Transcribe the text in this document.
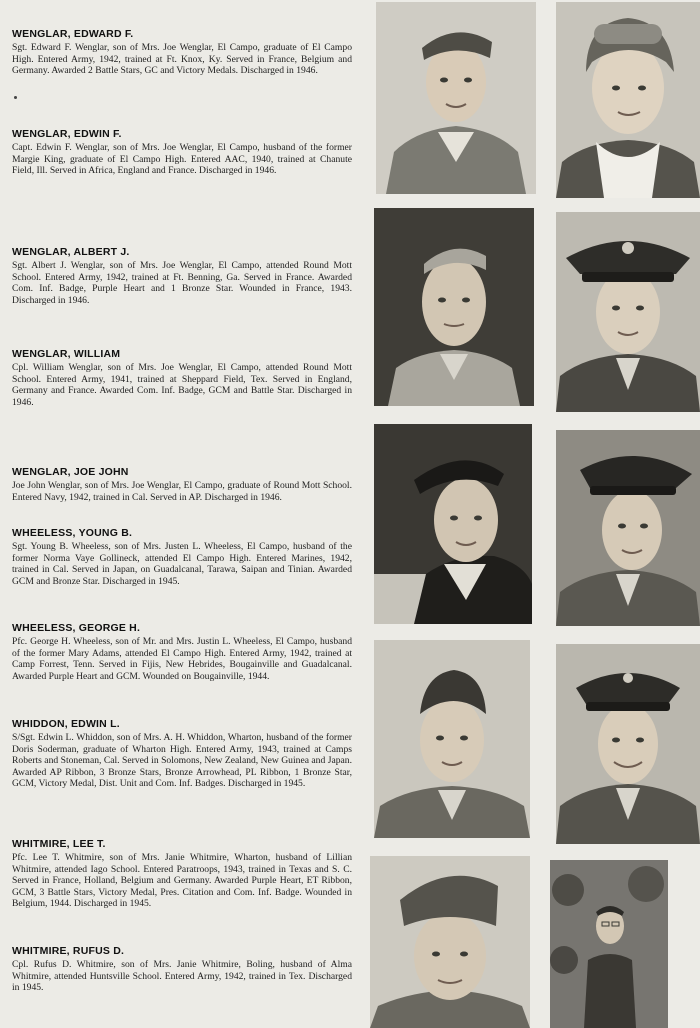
WENGLAR, EDWARD F.

Sgt. Edward F. Wenglar, son of Mrs. Joe Wenglar, El Campo, graduate of El Campo High. Entered Army, 1942, trained at Ft. Knox, Ky. Served in France, Belgium and Germany. Awarded 2 Battle Stars, GC and Victory Medals. Discharged in 1946.

WENGLAR, EDWIN F.

Capt. Edwin F. Wenglar, son of Mrs. Joe Wenglar, El Campo, husband of the former Margie King, graduate of El Campo High. Entered AAC, 1940, trained at Chanute Field, Ill. Served in Africa, England and France. Discharged in 1946.

WENGLAR, ALBERT J.

Sgt. Albert J. Wenglar, son of Mrs. Joe Wenglar, El Campo, attended Round Mott School. Entered Army, 1942, trained at Ft. Benning, Ga. Served in France. Awarded Com. Inf. Badge, Purple Heart and 1 Bronze Star. Wounded in France, 1943. Discharged in 1946.

WENGLAR, WILLIAM

Cpl. William Wenglar, son of Mrs. Joe Wenglar, El Campo, attended Round Mott School. Entered Army, 1941, trained at Sheppard Field, Tex. Served in England, Germany and France. Awarded Com. Inf. Badge, GCM and Battle Star. Discharged in 1946.

WENGLAR, JOE JOHN

Joe John Wenglar, son of Mrs. Joe Wenglar, El Campo, graduate of Round Mott School. Entered Navy, 1942, trained in Cal. Served in AP. Discharged in 1946.

WHEELESS, YOUNG B.

Sgt. Young B. Wheeless, son of Mrs. Justen L. Wheeless, El Campo, husband of the former Norma Vaye Gollineck, attended El Campo High. Entered Marines, 1942, trained in Cal. Served in Japan, on Guadalcanal, Tarawa, Saipan and Tinian. Awarded GCM and Bronze Star. Discharged in 1945.

WHEELESS, GEORGE H.

Pfc. George H. Wheeless, son of Mr. and Mrs. Justin L. Wheeless, El Campo, husband of the former Mary Adams, attended El Campo High. Entered Army, 1942, trained at Camp Forrest, Tenn. Served in Fijis, New Hebrides, Bougainville and Guadalcanal. Awarded Purple Heart and GCM. Wounded on Bougainville, 1944.

WHIDDON, EDWIN L.

S/Sgt. Edwin L. Whiddon, son of Mrs. A. H. Whiddon, Wharton, husband of the former Doris Soderman, graduate of Wharton High. Entered Army, 1943, trained at Camps Roberts and Stoneman, Cal. Served in Solomons, New Zealand, New Guinea and Japan. Awarded AP Ribbon, 3 Bronze Stars, Bronze Arrowhead, PL Ribbon, 1 Bronze Star, GCM, Victory Medal, Dist. Unit and Com. Inf. Badges. Discharged in 1945.

WHITMIRE, LEE T.

Pfc. Lee T. Whitmire, son of Mrs. Janie Whitmire, Wharton, husband of Lillian Whitmire, attended Iago School. Entered Paratroops, 1943, trained in Texas and S. C. Served in France, Holland, Belgium and Germany. Awarded Purple Heart, ET Ribbon, GCM, 3 Battle Stars, Victory Medal, Pres. Citation and Com. Inf. Badge. Wounded in Belgium, 1944. Discharged in 1945.

WHITMIRE, RUFUS D.

Cpl. Rufus D. Whitmire, son of Mrs. Janie Whitmire, Boling, husband of Alma Whitmire, attended Huntsville School. Entered Army, 1942, trained in Tex. Discharged in 1945.
